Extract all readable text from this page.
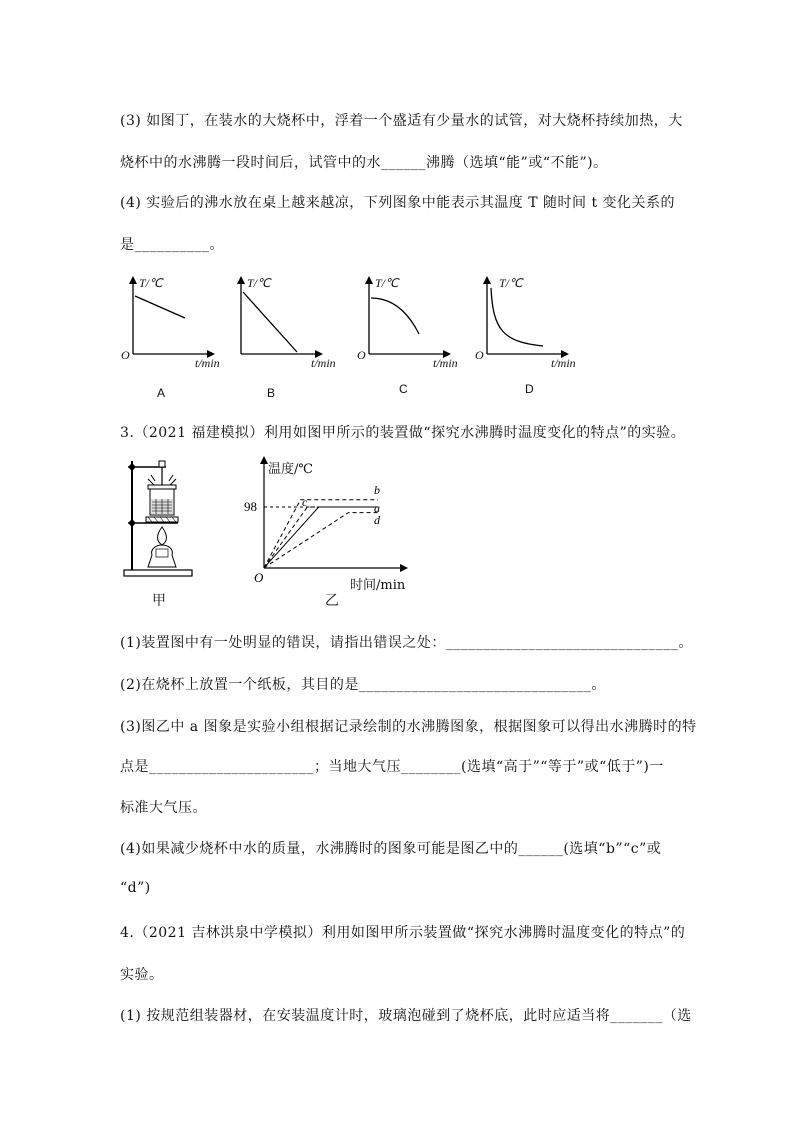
(3) 如图丁，在装水的大烧杯中，浮着一个盛适有少量水的试管，对大烧杯持续加热，大
烧杯中的水沸腾一段时间后，试管中的水______沸腾（选填“能”或“不能”)。
(4) 实验后的沸水放在桌上越来越凉，下列图象中能表示其温度 T 随时间 t 变化关系的
是__________。
T/℃
O
t/min
A
T/℃
t/min
B
T/℃
O
t/min
C
T/℃
O
t/min
D
3.（2021 福建模拟）利用如图甲所示的装置做“探究水沸腾时温度变化的特点”的实验。
甲
a
b
c
d
O
98
温度/℃
时间/min
乙
(1)装置图中有一处明显的错误，请指出错误之处：_______________________________。
(2)在烧杯上放置一个纸板，其目的是_______________________________。
(3)图乙中 a 图象是实验小组根据记录绘制的水沸腾图象，根据图象可以得出水沸腾时的特
点是______________________；当地大气压________(选填“高于”“等于”或“低于”)一
标准大气压。
(4)如果减少烧杯中水的质量，水沸腾时的图象可能是图乙中的______(选填“b”“c”或
“d”)
4.（2021 吉林洪泉中学模拟）利用如图甲所示装置做“探究水沸腾时温度变化的特点”的
实验。
(1) 按规范组装器材，在安装温度计时，玻璃泡碰到了烧杯底，此时应适当将_______（选
